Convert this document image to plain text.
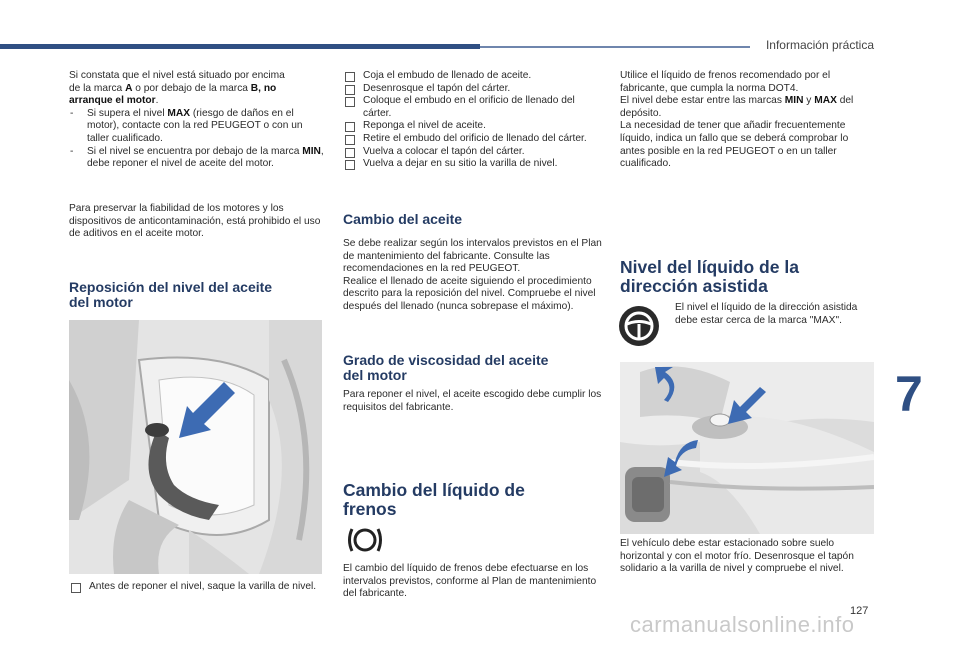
Información práctica

Si constata que el nivel está situado por encima

de la marca A o por debajo de la marca B, no

arranque el motor.

- Si supera el nivel MAX (riesgo de daños en el motor), contacte con la red PEUGEOT o con un taller cualificado.

- Si el nivel se encuentra por debajo de la marca MIN, debe reponer el nivel de aceite del motor.

Para preservar la fiabilidad de los motores y los dispositivos de anticontaminación, está prohibido el uso de aditivos en el aceite motor.
Reposición del nivel del aceite
del motor
Antes de reponer el nivel, saque la varilla de nivel.

Coja el embudo de llenado de aceite.

Desenrosque el tapón del cárter.

Coloque el embudo en el orificio de llenado del cárter.

Reponga el nivel de aceite.

Retire el embudo del orificio de llenado del cárter.

Vuelva a colocar el tapón del cárter.

Vuelva a dejar en su sitio la varilla de nivel.

Cambio del aceite

Se debe realizar según los intervalos previstos en el Plan de mantenimiento del fabricante. Consulte las recomendaciones en la red PEUGEOT.

Realice el llenado de aceite siguiendo el procedimiento descrito para la reposición del nivel. Compruebe el nivel después del llenado (nunca sobrepase el máximo).

Grado de viscosidad del aceite
del motor
Para reponer el nivel, el aceite escogido debe cumplir los requisitos del fabricante.
Cambio del líquido de
frenos
El cambio del líquido de frenos debe efectuarse en los intervalos previstos, conforme al Plan de mantenimiento del fabricante.

Utilice el líquido de frenos recomendado por el fabricante, que cumpla la norma DOT4.

El nivel debe estar entre las marcas MIN y MAX del depósito.

La necesidad de tener que añadir frecuentemente líquido, indica un fallo que se deberá comprobar lo antes posible en la red PEUGEOT o en un taller cualificado.

Nivel del líquido de la
dirección asistida
El nivel el líquido de la dirección asistida debe estar cerca de la marca "MAX".
El vehículo debe estar estacionado sobre suelo horizontal y con el motor frío. Desenrosque el tapón solidario a la varilla de nivel y compruebe el nivel.
7
127
carmanualsonline.info
